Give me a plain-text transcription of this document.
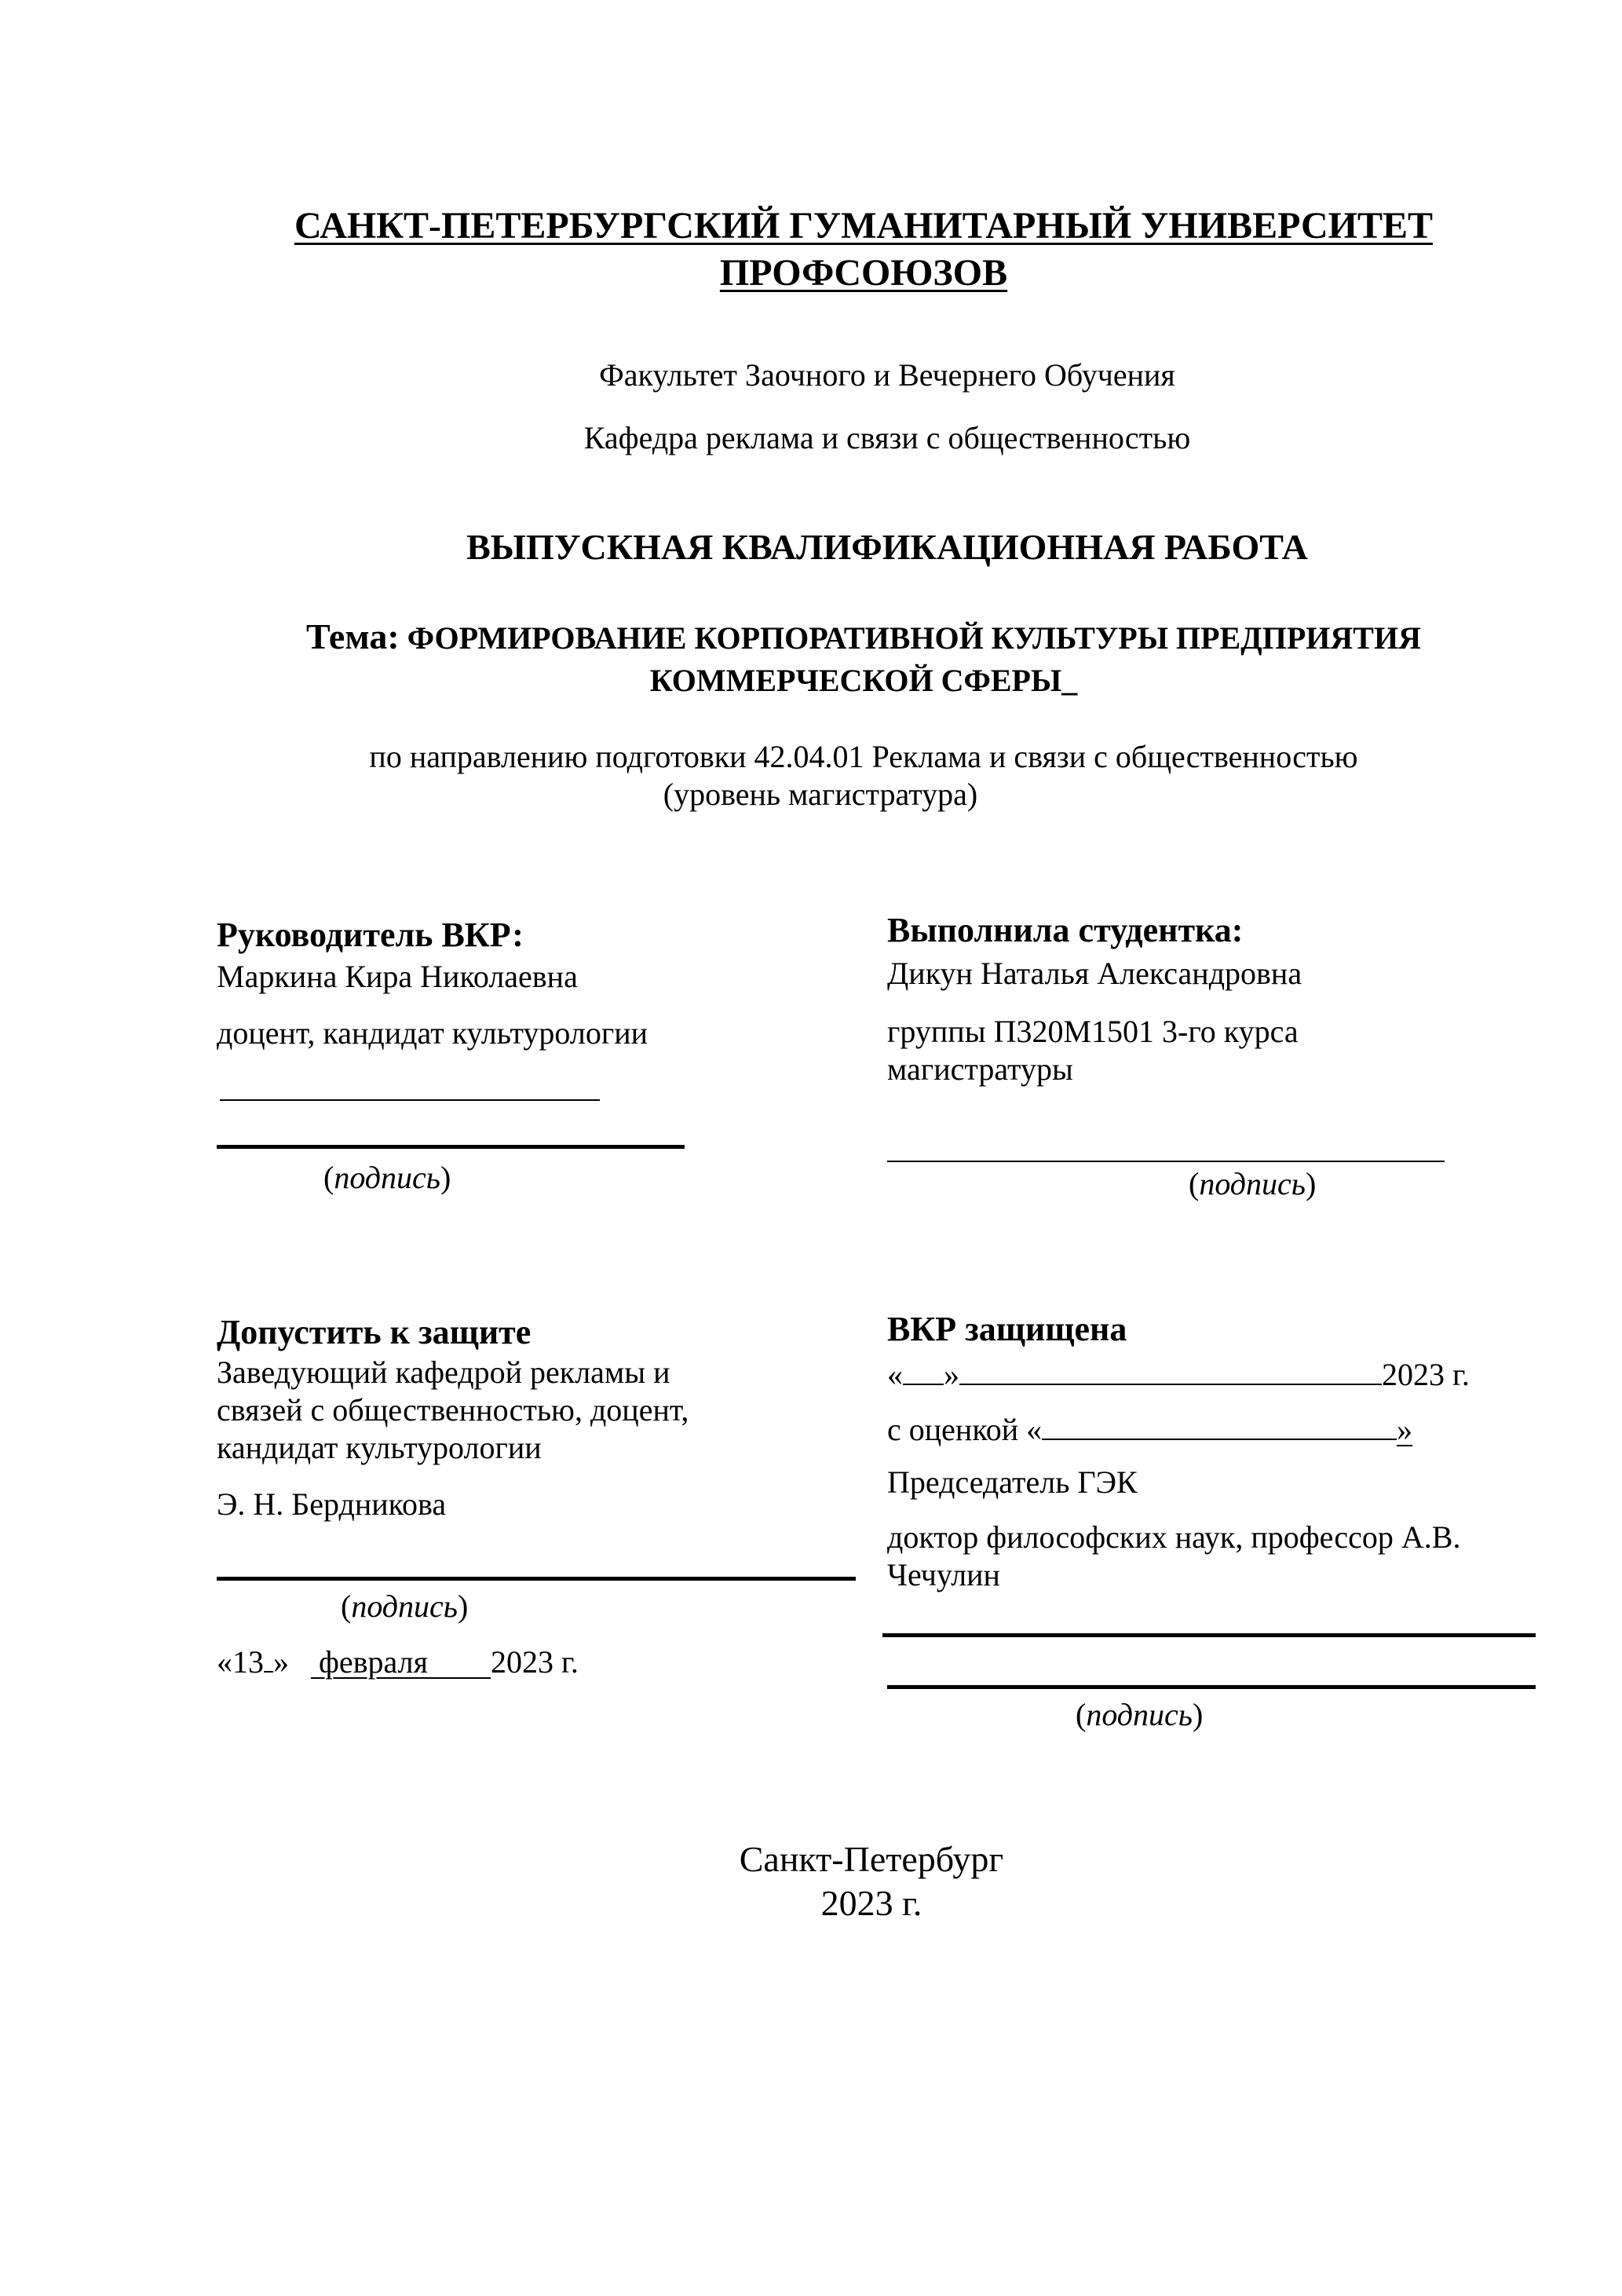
САНКТ-ПЕТЕРБУРГСКИЙ ГУМАНИТАРНЫЙ УНИВЕРСИТЕТ
ПРОФСОЮЗОВ
Факультет Заочного и Вечернего Обучения
Кафедра реклама и связи с общественностью
ВЫПУСКНАЯ КВАЛИФИКАЦИОННАЯ РАБОТА
Тема: ФОРМИРОВАНИЕ КОРПОРАТИВНОЙ КУЛЬТУРЫ ПРЕДПРИЯТИЯ
КОММЕРЧЕСКОЙ СФЕРЫ_
по направлению подготовки 42.04.01 Реклама и связи с общественностью
(уровень магистратура)
Руководитель ВКР:
Маркина Кира Николаевна
доцент, кандидат культурологии
(подпись)
Выполнила студентка:
Дикун Наталья Александровна
группы П320М1501 3-го курса
магистратуры
(подпись)
Допустить к защите
Заведующий кафедрой рекламы и
связей с общественностью, доцент,
кандидат культурологии
Э. Н. Бердникова
(подпись)
«13 » февраля 2023 г.
ВКР защищена
« »	2023 г.
с оценкой «	»
Председатель ГЭК
доктор философских наук, профессор А.В.
Чечулин
(подпись)
Санкт-Петербург
2023 г.
